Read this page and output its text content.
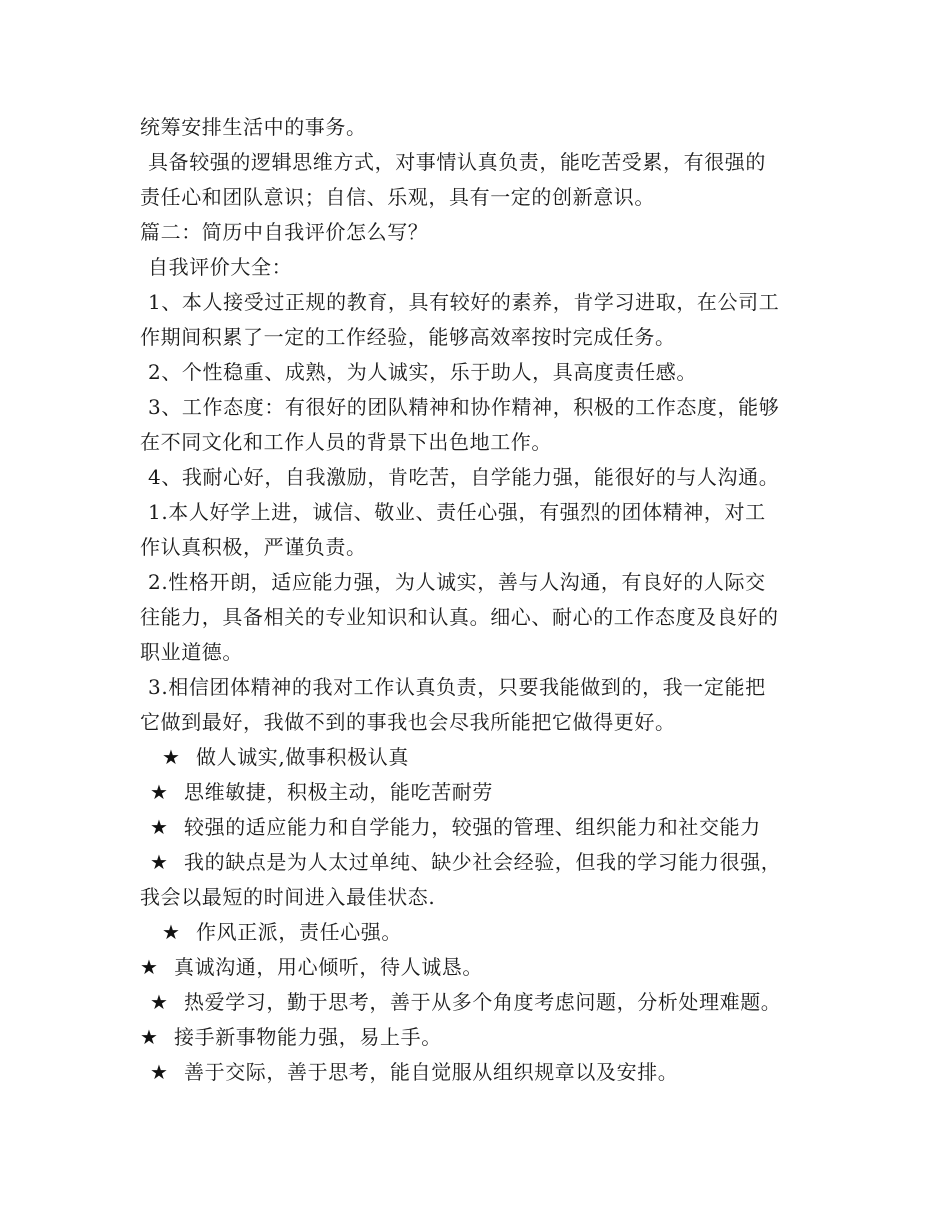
统筹安排生活中的事务。
具备较强的逻辑思维方式，对事情认真负责，能吃苦受累，有很强的
责任心和团队意识；自信、乐观，具有一定的创新意识。
篇二：简历中自我评价怎么写？
自我评价大全：
1、本人接受过正规的教育，具有较好的素养，肯学习进取，在公司工
作期间积累了一定的工作经验，能够高效率按时完成任务。
2、个性稳重、成熟，为人诚实，乐于助人，具高度责任感。
3、工作态度：有很好的团队精神和协作精神，积极的工作态度，能够
在不同文化和工作人员的背景下出色地工作。
4、我耐心好，自我激励，肯吃苦，自学能力强，能很好的与人沟通。
1.本人好学上进，诚信、敬业、责任心强，有强烈的团体精神，对工
作认真积极，严谨负责。
2.性格开朗，适应能力强，为人诚实，善与人沟通，有良好的人际交
往能力，具备相关的专业知识和认真。细心、耐心的工作态度及良好的
职业道德。
3.相信团体精神的我对工作认真负责，只要我能做到的，我一定能把
它做到最好，我做不到的事我也会尽我所能把它做得更好。
★ 做人诚实,做事积极认真
★ 思维敏捷，积极主动，能吃苦耐劳
★ 较强的适应能力和自学能力，较强的管理、组织能力和社交能力
★ 我的缺点是为人太过单纯、缺少社会经验，但我的学习能力很强，
我会以最短的时间进入最佳状态.
★ 作风正派，责任心强。
★ 真诚沟通，用心倾听，待人诚恳。
★ 热爱学习，勤于思考，善于从多个角度考虑问题，分析处理难题。
★ 接手新事物能力强，易上手。
★ 善于交际，善于思考，能自觉服从组织规章以及安排。
